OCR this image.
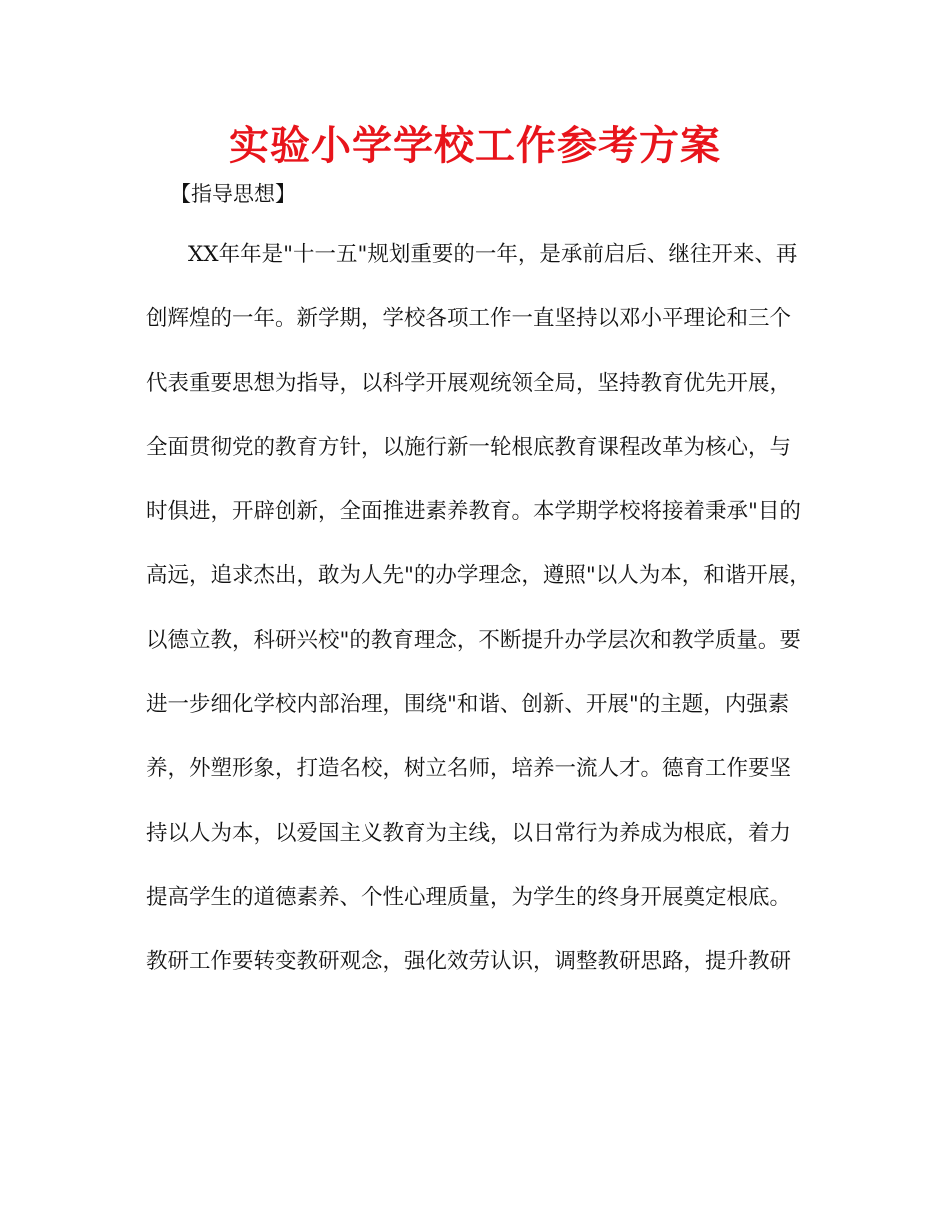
实验小学学校工作参考方案
【指导思想】
XX年年是"十一五"规划重要的一年，是承前启后、继往开来、再
创辉煌的一年。新学期，学校各项工作一直坚持以邓小平理论和三个
代表重要思想为指导，以科学开展观统领全局，坚持教育优先开展，
全面贯彻党的教育方针，以施行新一轮根底教育课程改革为核心，与
时俱进，开辟创新，全面推进素养教育。本学期学校将接着秉承"目的
高远，追求杰出，敢为人先"的办学理念，遵照"以人为本，和谐开展，
以德立教，科研兴校"的教育理念，不断提升办学层次和教学质量。要
进一步细化学校内部治理，围绕"和谐、创新、开展"的主题，内强素
养，外塑形象，打造名校，树立名师，培养一流人才。德育工作要坚
持以人为本，以爱国主义教育为主线，以日常行为养成为根底，着力
提高学生的道德素养、个性心理质量，为学生的终身开展奠定根底。
教研工作要转变教研观念，强化效劳认识，调整教研思路，提升教研
